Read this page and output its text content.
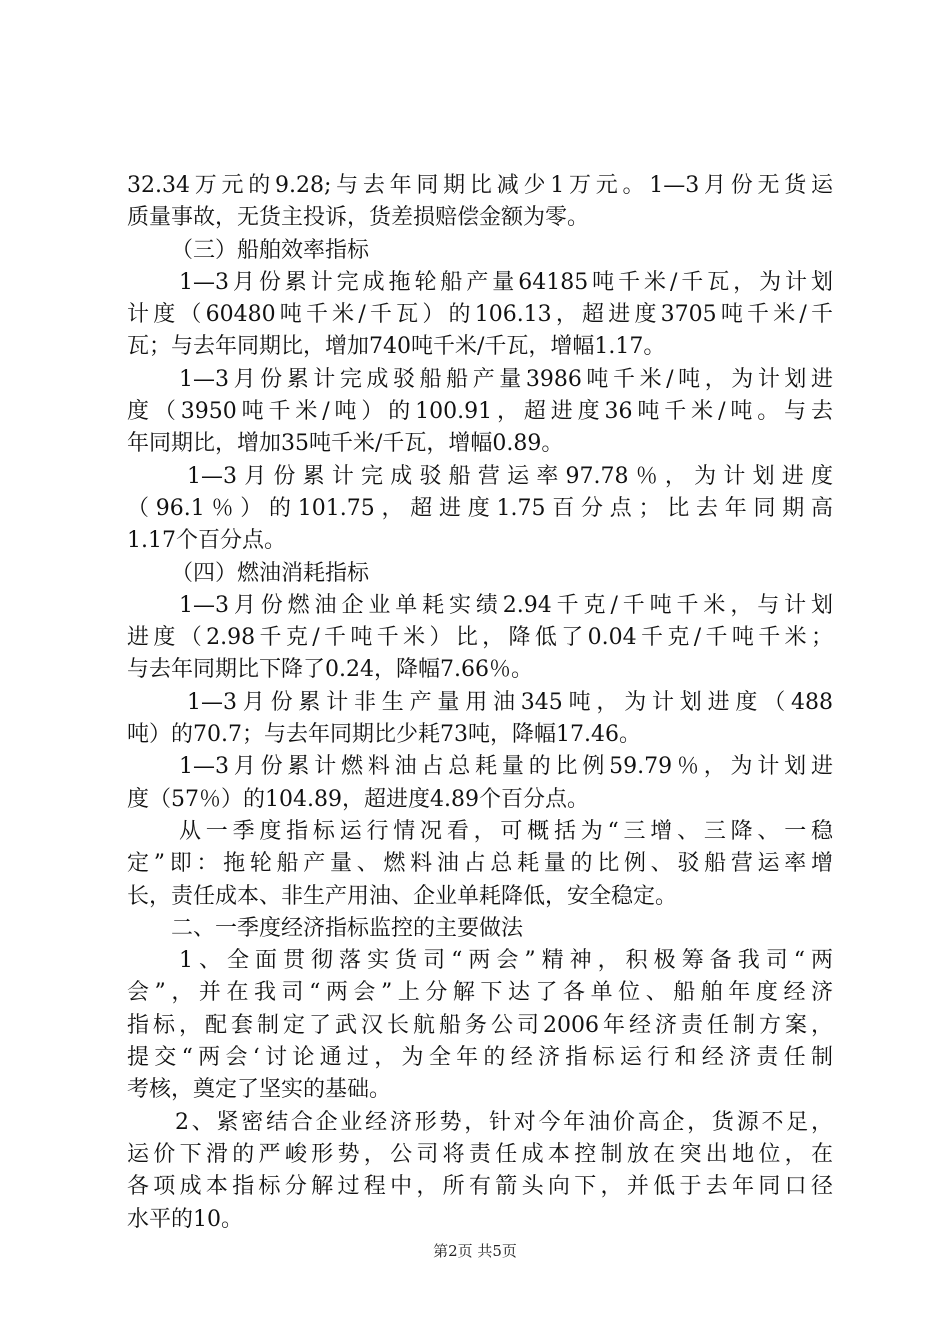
32.34万元的9.28;与去年同期比减少1万元。1—3月份无货运
质量事故，无货主投诉，货差损赔偿金额为零。
（三）船舶效率指标
1—3月份累计完成拖轮船产量64185吨千米/千瓦，为计划
计度（60480吨千米/千瓦）的106.13，超进度3705吨千米/千
瓦；与去年同期比，增加740吨千米/千瓦，增幅1.17。
1—3月份累计完成驳船船产量3986吨千米/吨，为计划进
度（3950吨千米/吨）的100.91，超进度36吨千米/吨。与去
年同期比，增加35吨千米/千瓦，增幅0.89。
1—3月份累计完成驳船营运率97.78％，为计划进度
（96.1％）的101.75，超进度1.75百分点；比去年同期高
1.17个百分点。
（四）燃油消耗指标
1—3月份燃油企业单耗实绩2.94千克/千吨千米，与计划
进度（2.98千克/千吨千米）比，降低了0.04千克/千吨千米；
与去年同期比下降了0.24，降幅7.66％。
1—3月份累计非生产量用油345吨，为计划进度（488
吨）的70.7；与去年同期比少耗73吨，降幅17.46。
1—3月份累计燃料油占总耗量的比例59.79％，为计划进
度（57％）的104.89，超进度4.89个百分点。
从一季度指标运行情况看，可概括为“三增、三降、一稳
定”即：拖轮船产量、燃料油占总耗量的比例、驳船营运率增
长，责任成本、非生产用油、企业单耗降低，安全稳定。
二、一季度经济指标监控的主要做法
1、全面贯彻落实货司“两会”精神，积极筹备我司“两
会”，并在我司“两会”上分解下达了各单位、船舶年度经济
指标，配套制定了武汉长航船务公司2006年经济责任制方案，
提交“两会‘讨论通过，为全年的经济指标运行和经济责任制
考核，奠定了坚实的基础。
2、紧密结合企业经济形势，针对今年油价高企，货源不足，
运价下滑的严峻形势，公司将责任成本控制放在突出地位，在
各项成本指标分解过程中，所有箭头向下，并低于去年同口径
水平的10。
第2页 共5页
